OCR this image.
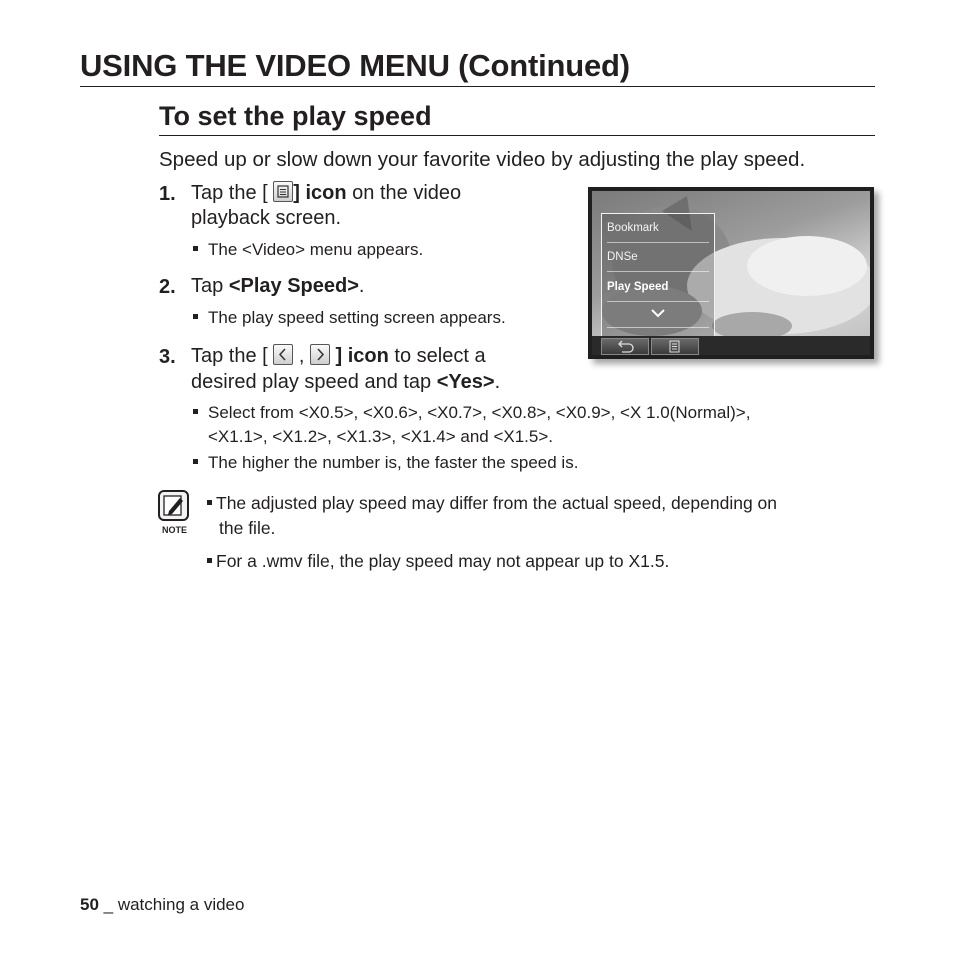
USING THE VIDEO MENU (Continued)
To set the play speed
Speed up or slow down your favorite video by adjusting the play speed.
1. Tap the [ ] icon on the video
playback screen.
The <Video> menu appears.
2. Tap <Play Speed>.
The play speed setting screen appears.
3. Tap the [ , ] icon to select a
desired play speed and tap <Yes>.
Select from <X0.5>, <X0.6>, <X0.7>, <X0.8>, <X0.9>, <X 1.0(Normal)>,
<X1.1>, <X1.2>, <X1.3>, <X1.4> and <X1.5>.
The higher the number is, the faster the speed is.
Bookmark
DNSe
Play Speed
NOTE
The adjusted play speed may differ from the actual speed, depending on
the file.
For a .wmv file, the play speed may not appear up to X1.5.
50 _ watching a video
